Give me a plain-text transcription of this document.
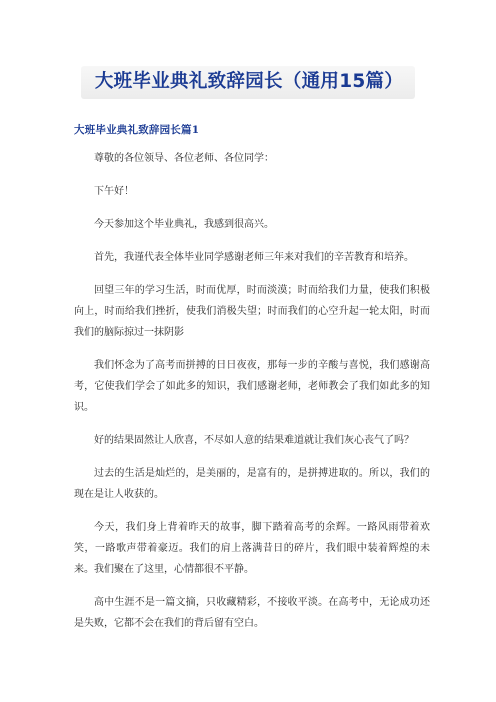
大班毕业典礼致辞园长（通用15篇）
大班毕业典礼致辞园长篇1

尊敬的各位领导、各位老师、各位同学：

下午好！

今天参加这个毕业典礼，我感到很高兴。

首先，我谨代表全体毕业同学感谢老师三年来对我们的辛苦教育和培养。

回望三年的学习生活，时而优厚，时而淡漠；时而给我们力量，使我们积极向上，时而给我们挫折，使我们消极失望；时而我们的心空升起一轮太阳，时而我们的脑际掠过一抹阴影

我们怀念为了高考而拼搏的日日夜夜，那每一步的辛酸与喜悦，我们感谢高考，它使我们学会了如此多的知识，我们感谢老师，老师教会了我们如此多的知识。

好的结果固然让人欣喜，不尽如人意的结果难道就让我们灰心丧气了吗？

过去的生活是灿烂的，是美丽的，是富有的，是拼搏进取的。所以，我们的现在是让人收获的。

今天，我们身上背着昨天的故事，脚下踏着高考的余辉。一路风雨带着欢笑，一路歌声带着豪迈。我们的肩上落满昔日的碎片，我们眼中装着辉煌的未来。我们聚在了这里，心情都很不平静。

高中生涯不是一篇文摘，只收藏精彩，不接收平淡。在高考中，无论成功还是失败，它都不会在我们的背后留有空白。
